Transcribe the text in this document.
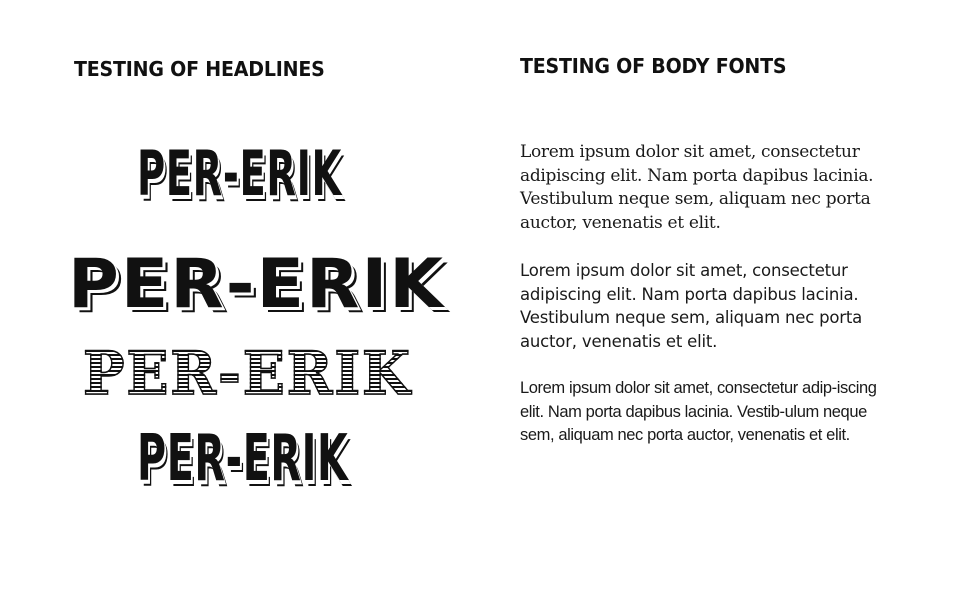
TESTING OF HEADLINES	TESTING OF BODY FONTS
PER-ERIK
PER-ERIK
PER-ERIK
PER-ERIK

Lorem ipsum dolor sit amet, consectetur adipiscing elit. Nam porta dapibus lacinia. Vestibulum neque sem, aliquam nec porta auctor, venenatis et elit.

Lorem ipsum dolor sit amet, consectetur adipiscing elit. Nam porta dapibus lacinia. Vestibulum neque sem, aliquam nec porta auctor, venenatis et elit.

Lorem ipsum dolor sit amet, consectetur adip-iscing elit. Nam porta dapibus lacinia. Vestib-ulum neque sem, aliquam nec porta auctor, venenatis et elit.
